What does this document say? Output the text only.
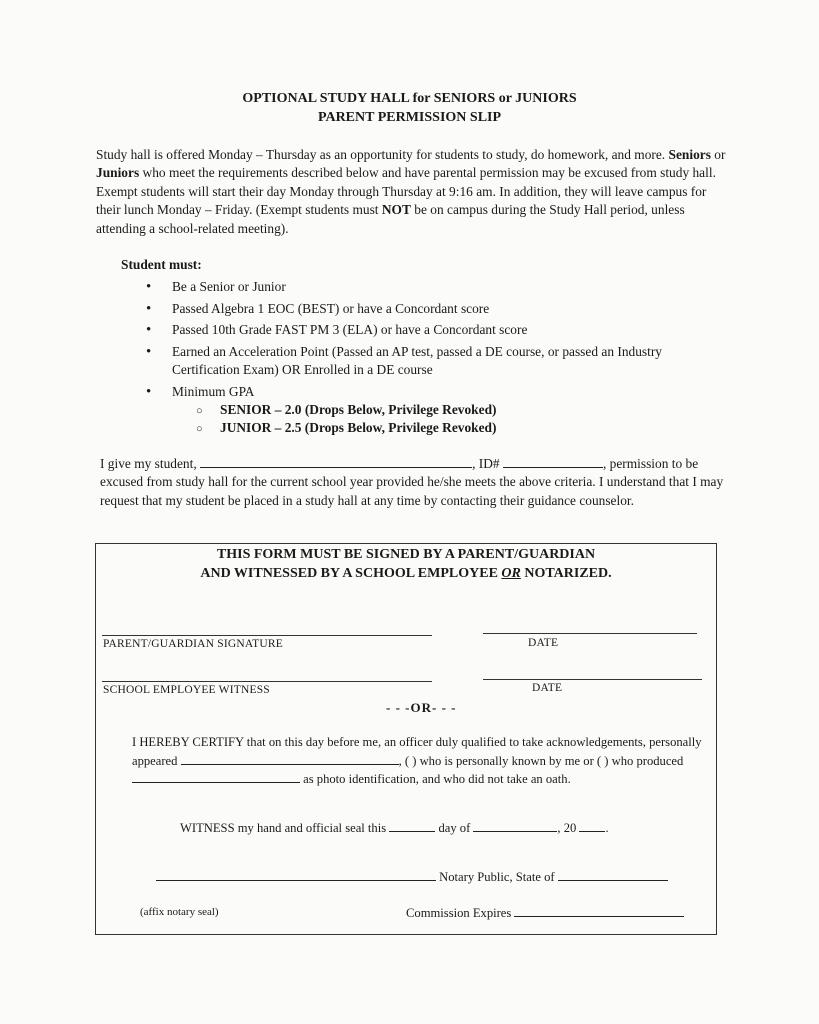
OPTIONAL STUDY HALL for SENIORS or JUNIORS
PARENT PERMISSION SLIP
Study hall is offered Monday – Thursday as an opportunity for students to study, do homework, and more. Seniors or Juniors who meet the requirements described below and have parental permission may be excused from study hall. Exempt students will start their day Monday through Thursday at 9:16 am. In addition, they will leave campus for their lunch Monday – Friday. (Exempt students must NOT be on campus during the Study Hall period, unless attending a school-related meeting).
Student must:
• Be a Senior or Junior
• Passed Algebra 1 EOC (BEST) or have a Concordant score
• Passed 10th Grade FAST PM 3 (ELA) or have a Concordant score
• Earned an Acceleration Point (Passed an AP test, passed a DE course, or passed an Industry Certification Exam) OR Enrolled in a DE course
• Minimum GPA
○ SENIOR – 2.0 (Drops Below, Privilege Revoked)
○ JUNIOR – 2.5 (Drops Below, Privilege Revoked)
I give my student,	, ID#	, permission to be excused from study hall for the current school year provided he/she meets the above criteria. I understand that I may request that my student be placed in a study hall at any time by contacting their guidance counselor.
THIS FORM MUST BE SIGNED BY A PARENT/GUARDIAN
AND WITNESSED BY A SCHOOL EMPLOYEE OR NOTARIZED.
PARENT/GUARDIAN SIGNATURE	DATE
SCHOOL EMPLOYEE WITNESS	DATE
- - -OR- - -
I HEREBY CERTIFY that on this day before me, an officer duly qualified to take acknowledgements, personally appeared	, ( ) who is personally known by me or ( ) who produced  as photo identification, and who did not take an oath.
WITNESS my hand and official seal this	day of	, 20 .
Notary Public, State of
(affix notary seal)	Commission Expires
